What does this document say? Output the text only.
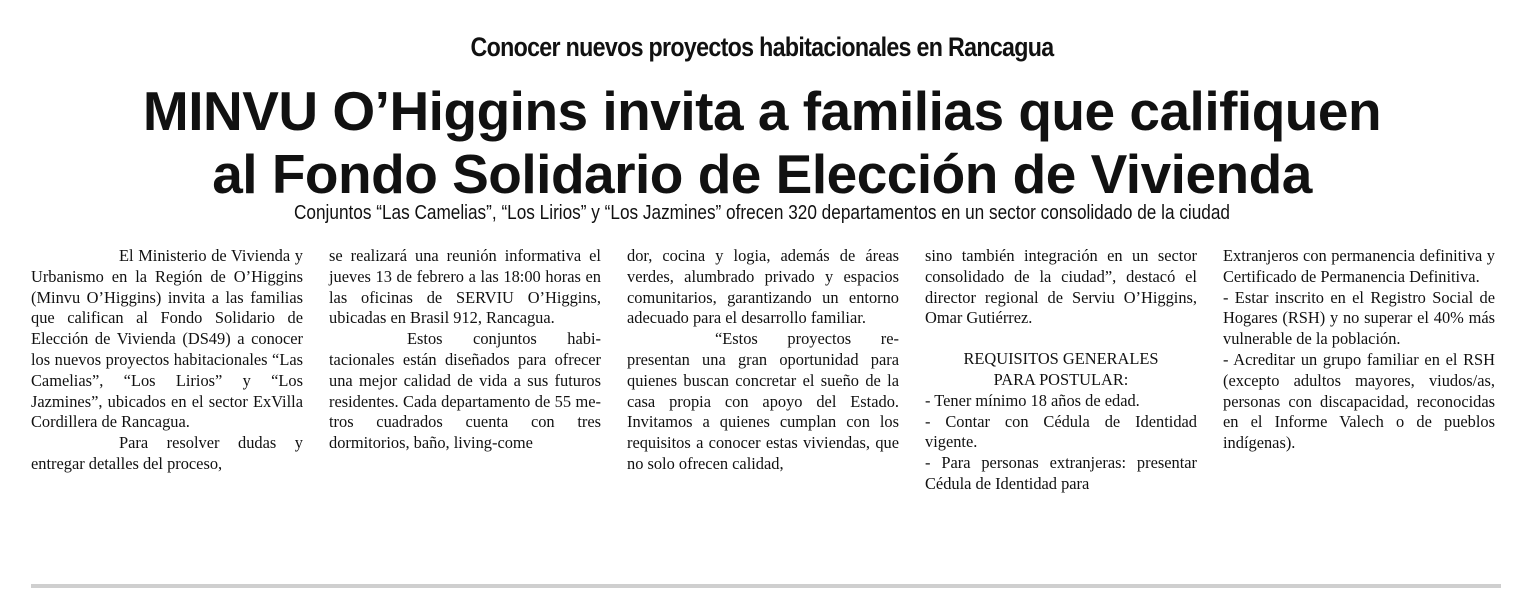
Conocer nuevos proyectos habitacionales en Rancagua
MINVU O’Higgins invita a familias que califiquen
al Fondo Solidario de Elección de Vivienda
Conjuntos “Las Camelias”, “Los Lirios” y “Los Jazmines” ofrecen 320 departamentos en un sector consolidado de la ciudad

El Ministerio de Vivienda y Urbanismo en la Región de O’Higgins (Minvu O’Higgins) invita a las familias que califican al Fondo Solidario de Elección de Vivienda (DS49) a conocer los nuevos proyectos habitacionales “Las Camelias”, “Los Lirios” y “Los Jazmines”, ubicados en el sector ExVilla Cordillera de Rancagua.

Para resolver dudas y entregar detalles del proceso,

se realizará una reunión informativa el jueves 13 de febrero a las 18:00 horas en las oficinas de SERVIU O’Higgins, ubicadas en Brasil 912, Rancagua.

Estos conjuntos habitacionales están diseñados para ofrecer una mejor calidad de vida a sus futuros residentes. Cada departamento de 55 metros cuadrados cuenta con tres dormitorios, baño, living-come

dor, cocina y logia, además de áreas verdes, alumbrado privado y espacios comunitarios, garantizando un entorno adecuado para el desarrollo familiar.

“Estos proyectos representan una gran oportunidad para quienes buscan concretar el sueño de la casa propia con apoyo del Estado. Invitamos a quienes cumplan con los requisitos a conocer estas viviendas, que no solo ofrecen calidad,

sino también integración en un sector consolidado de la ciudad”, destacó el director regional de Serviu O’Higgins, Omar Gutiérrez.

REQUISITOS GENERALES

PARA POSTULAR:

- Tener mínimo 18 años de edad.

- Contar con Cédula de Identidad vigente.

- Para personas extranjeras: presentar Cédula de Identidad para

Extranjeros con permanencia definitiva y Certificado de Permanencia Definitiva.

- Estar inscrito en el Registro Social de Hogares (RSH) y no superar el 40% más vulnerable de la población.

- Acreditar un grupo familiar en el RSH (excepto adultos mayores, viudos/as, personas con discapacidad, reconocidas en el Informe Valech o de pueblos indígenas).
